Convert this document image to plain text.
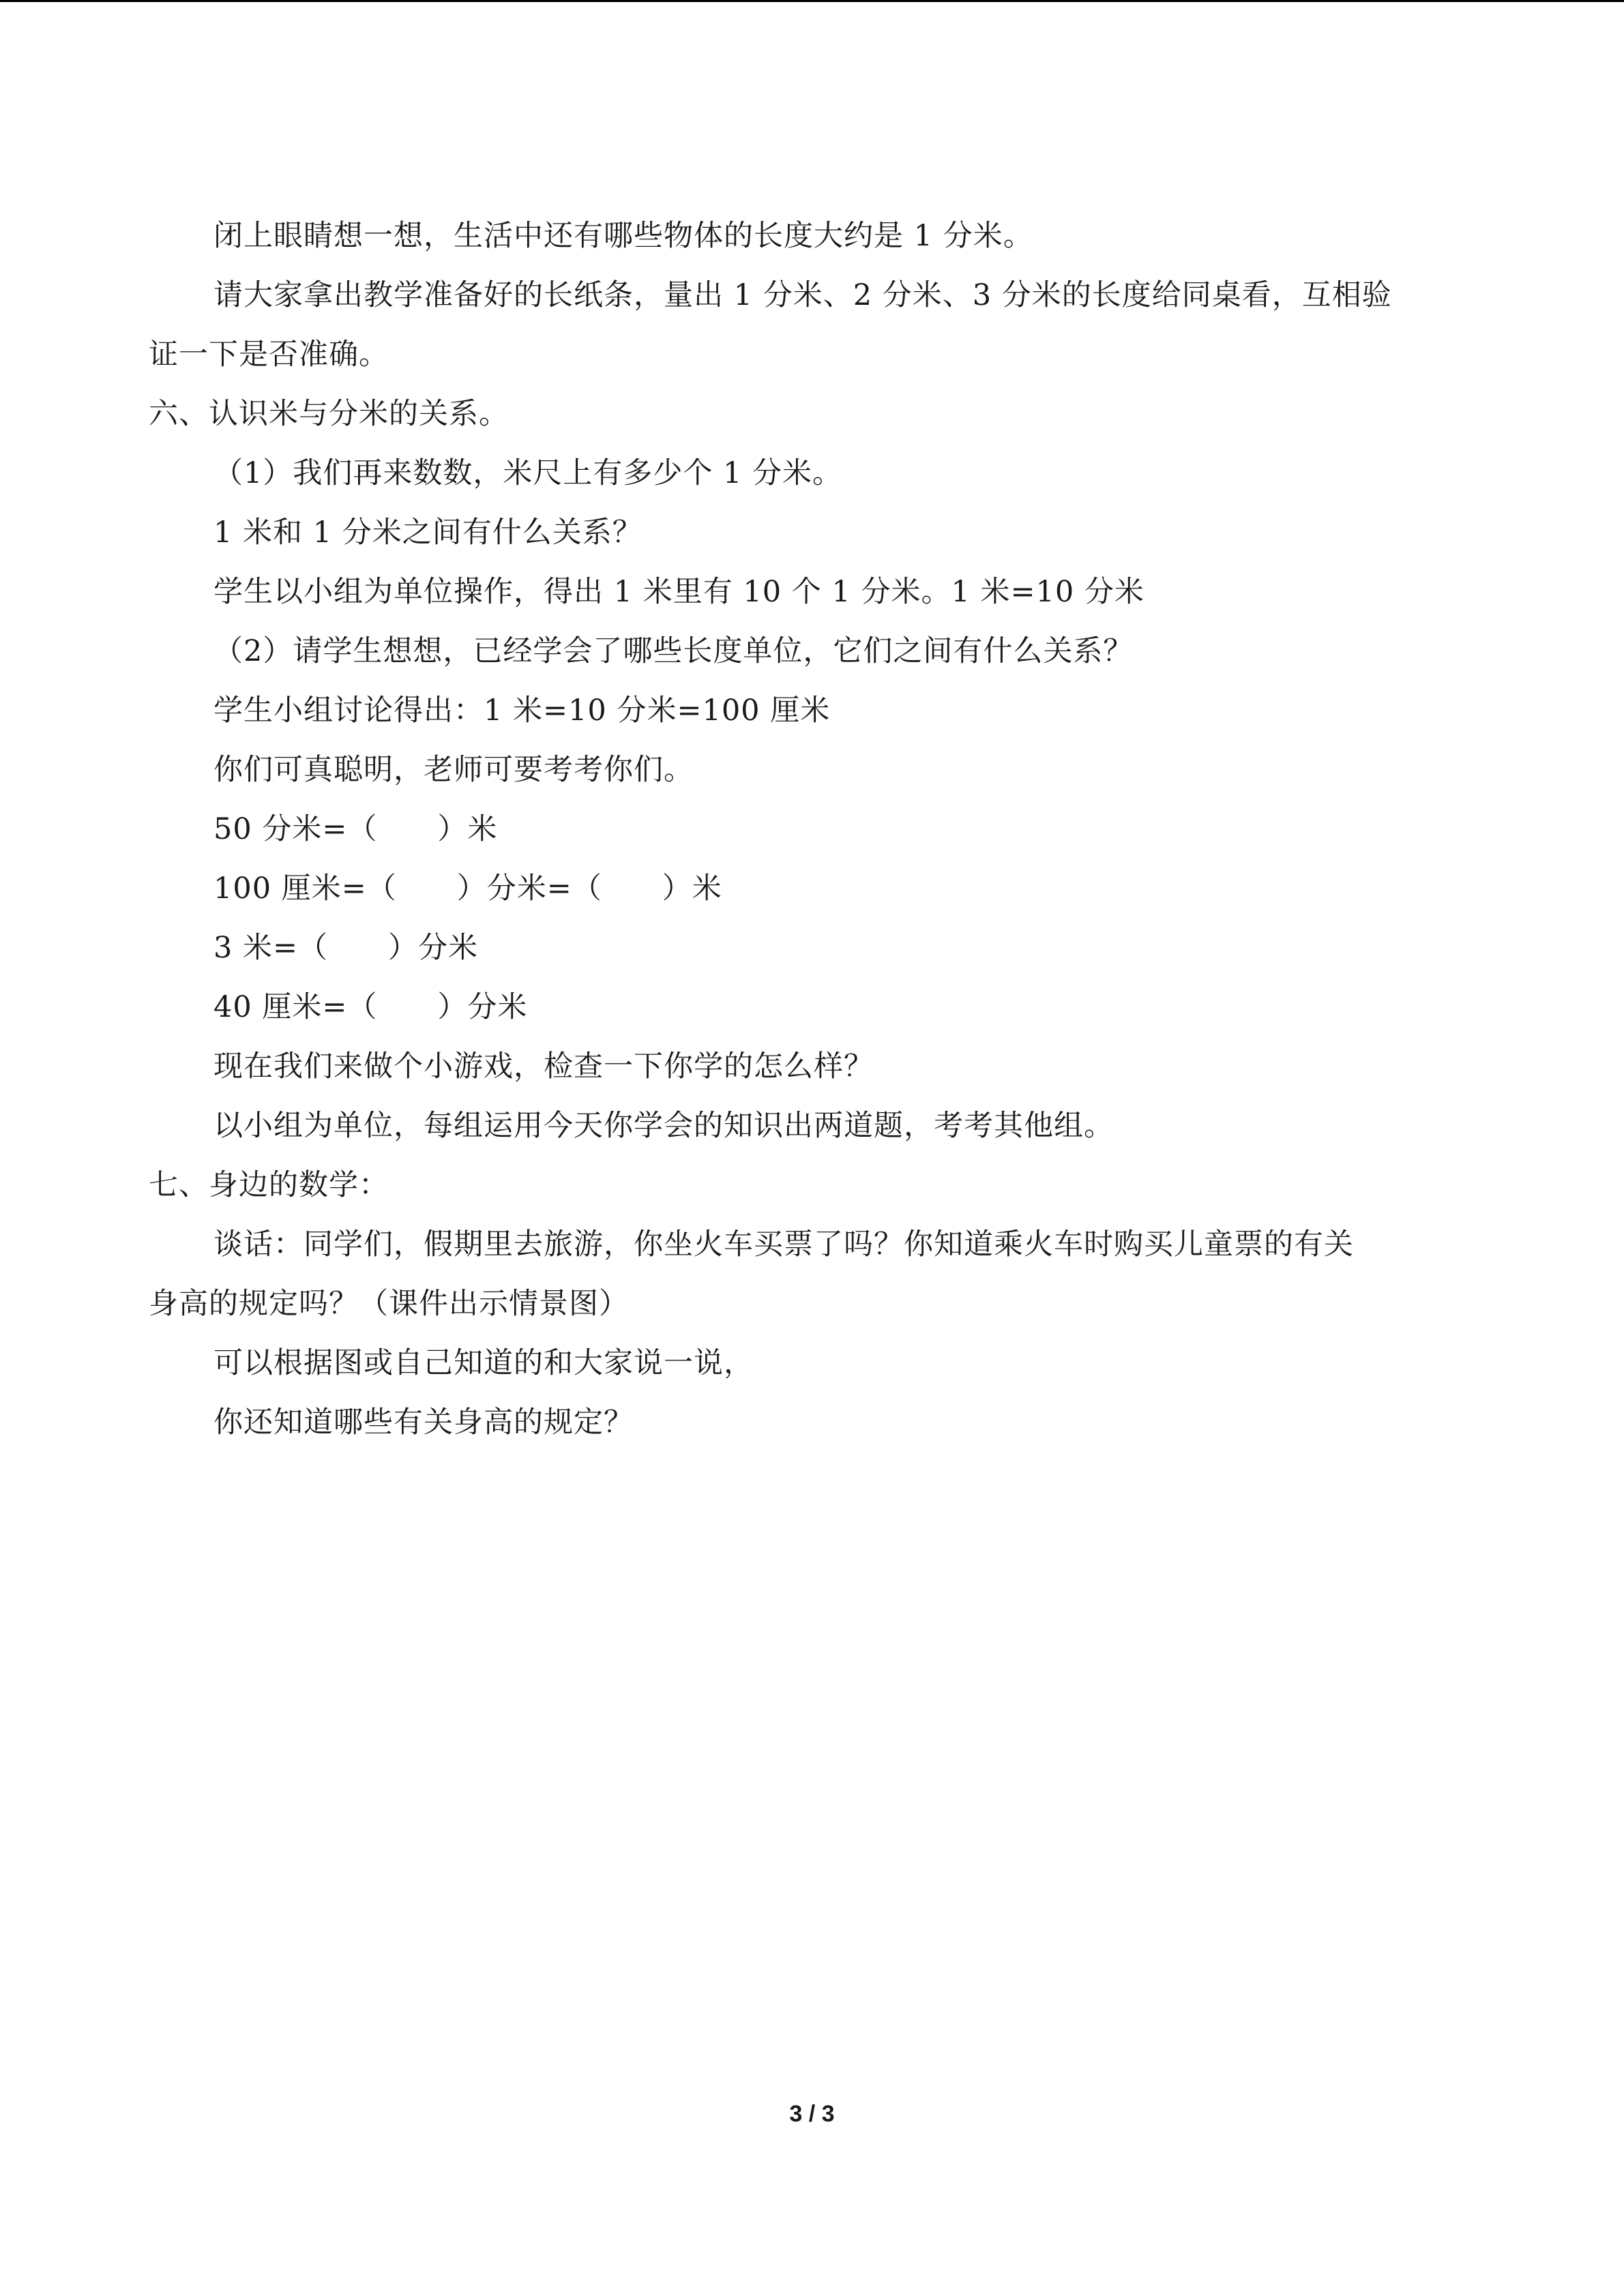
闭上眼睛想一想，生活中还有哪些物体的长度大约是 1 分米。
请大家拿出教学准备好的长纸条，量出 1 分米、2 分米、3 分米的长度给同桌看，互相验
证一下是否准确。
六、认识米与分米的关系。
（1）我们再来数数，米尺上有多少个 1 分米。
1 米和 1 分米之间有什么关系？
学生以小组为单位操作，得出 1 米里有 10 个 1 分米。1 米=10 分米
（2）请学生想想，已经学会了哪些长度单位，它们之间有什么关系？
学生小组讨论得出：1 米=10 分米=100 厘米
你们可真聪明，老师可要考考你们。
50 分米=（　　）米
100 厘米=（　　）分米=（　　）米
3 米=（　　）分米
40 厘米=（　　）分米
现在我们来做个小游戏，检查一下你学的怎么样？
以小组为单位，每组运用今天你学会的知识出两道题，考考其他组。
七、身边的数学：
谈话：同学们，假期里去旅游，你坐火车买票了吗？你知道乘火车时购买儿童票的有关
身高的规定吗？（课件出示情景图）
可以根据图或自己知道的和大家说一说，
你还知道哪些有关身高的规定？
3 / 3
